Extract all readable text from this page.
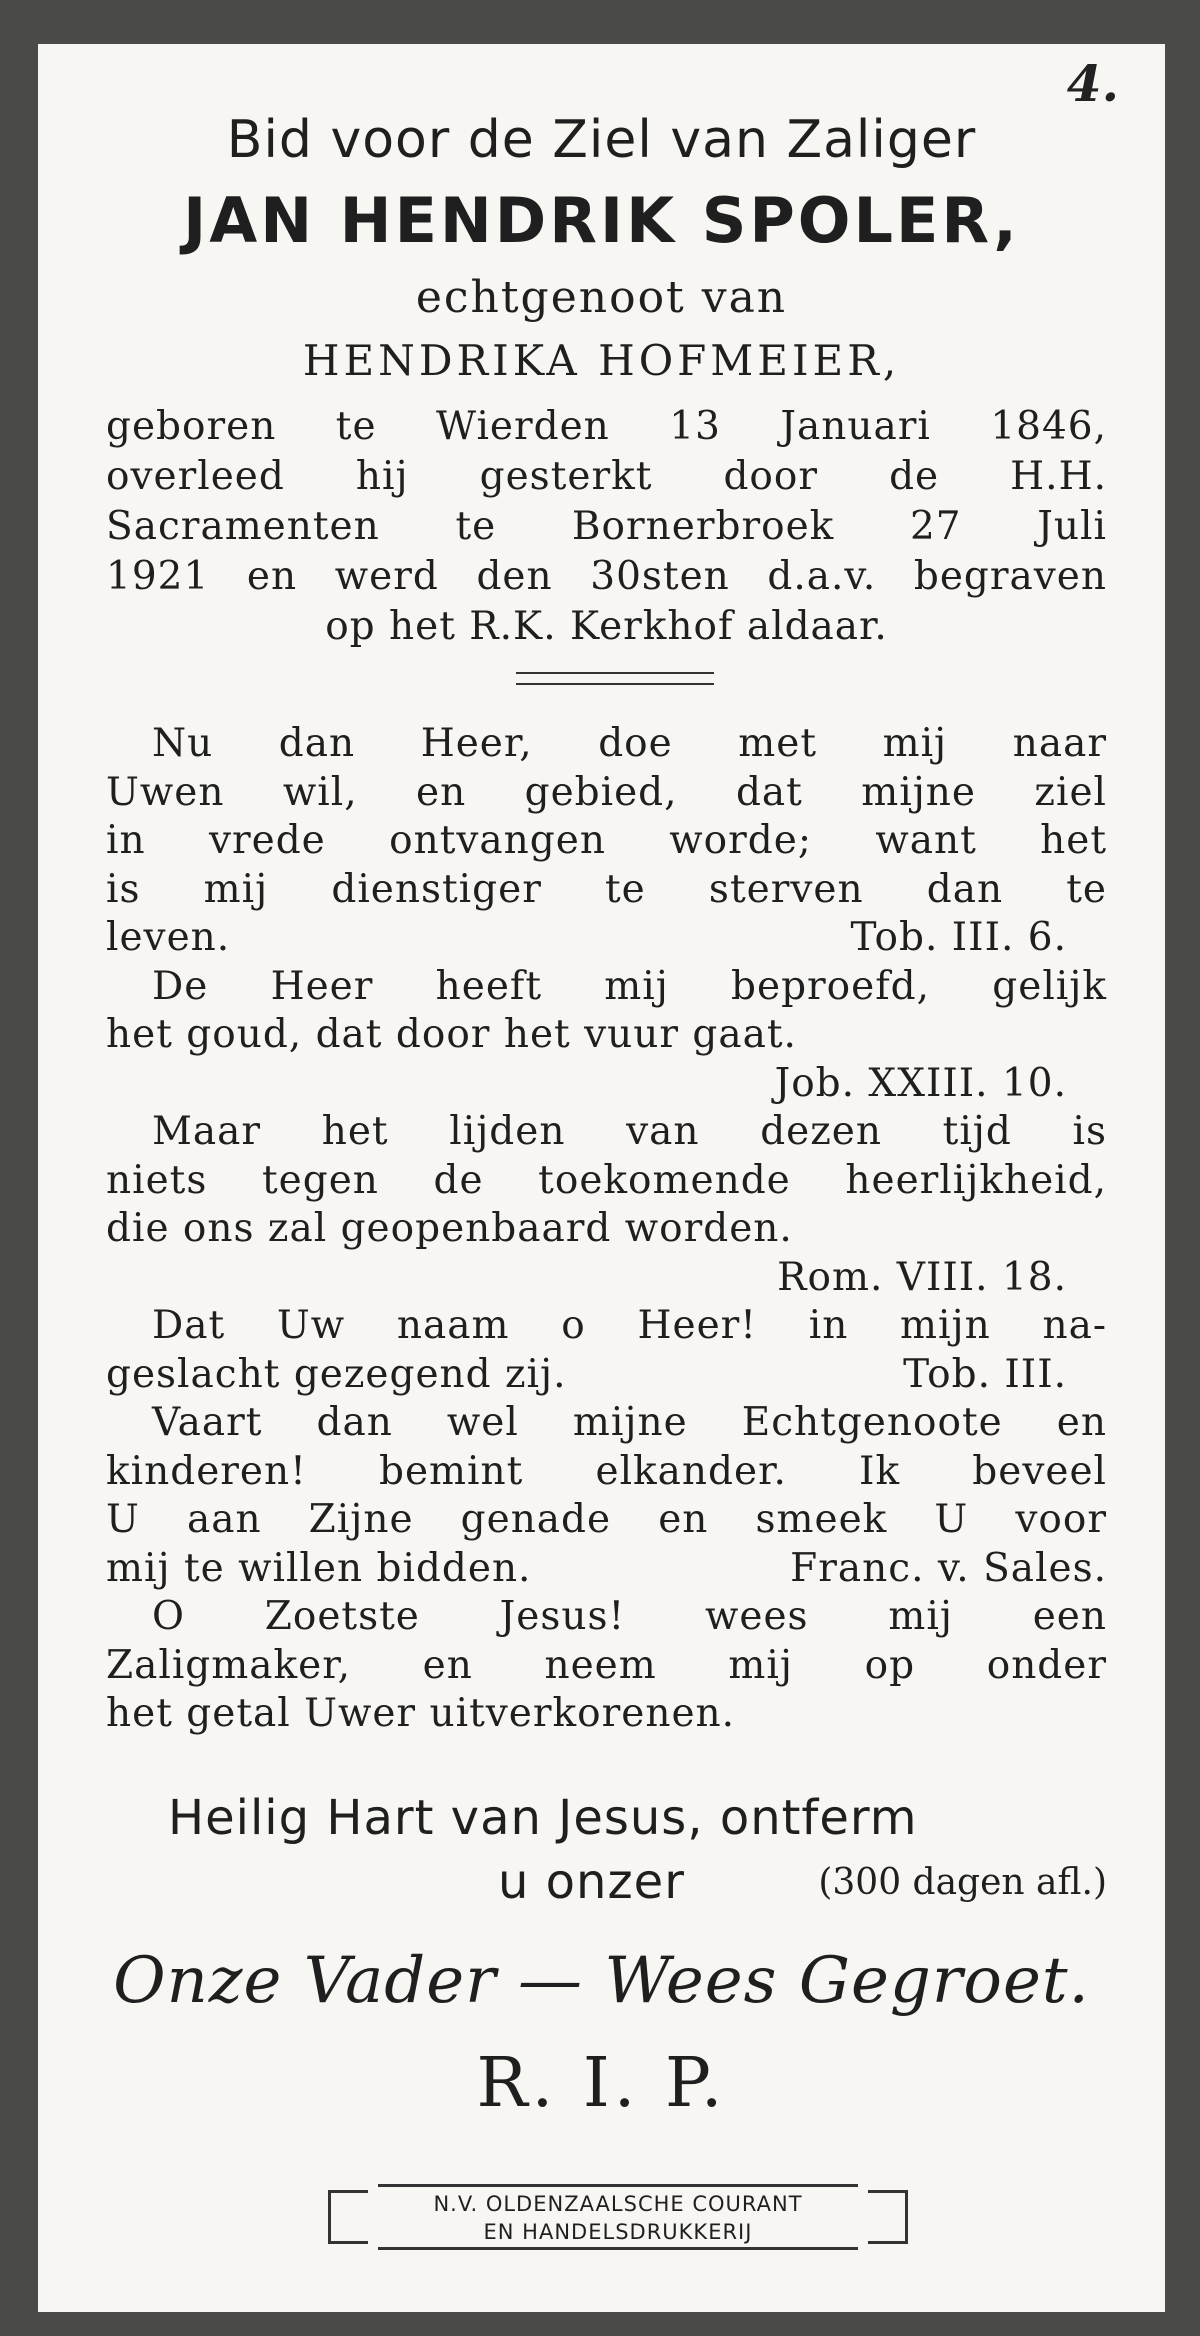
4.
Bid voor de Ziel van Zaliger
JAN HENDRIK SPOLER,
echtgenoot van
HENDRIKA HOFMEIER,
geboren te Wierden 13 Januari 1846,
overleed hij gesterkt door de H.H.
Sacramenten te Bornerbroek 27 Juli
1921 en werd den 30sten d.a.v. begraven
op het R.K. Kerkhof aldaar.
Nu dan Heer, doe met mij naar
Uwen wil, en gebied, dat mijne ziel
in vrede ontvangen worde; want het
is mij dienstiger te sterven dan te
leven.	Tob. III. 6.
De Heer heeft mij beproefd, gelijk
het goud, dat door het vuur gaat.
Job. XXIII. 10.
Maar het lijden van dezen tijd is
niets tegen de toekomende heerlijkheid,
die ons zal geopenbaard worden.
Rom. VIII. 18.
Dat Uw naam o Heer! in mijn na-
geslacht gezegend zij.	Tob. III.
Vaart dan wel mijne Echtgenoote en
kinderen! bemint elkander. Ik beveel
U aan Zijne genade en smeek U voor
mij te willen bidden.	Franc. v. Sales.
O Zoetste Jesus! wees mij een
Zaligmaker, en neem mij op onder
het getal Uwer uitverkorenen.
Heilig Hart van Jesus, ontferm
u onzer	(300 dagen afl.)
Onze Vader — Wees Gegroet.
R. I. P.
N.V. OLDENZAALSCHE COURANT
EN HANDELSDRUKKERIJ
